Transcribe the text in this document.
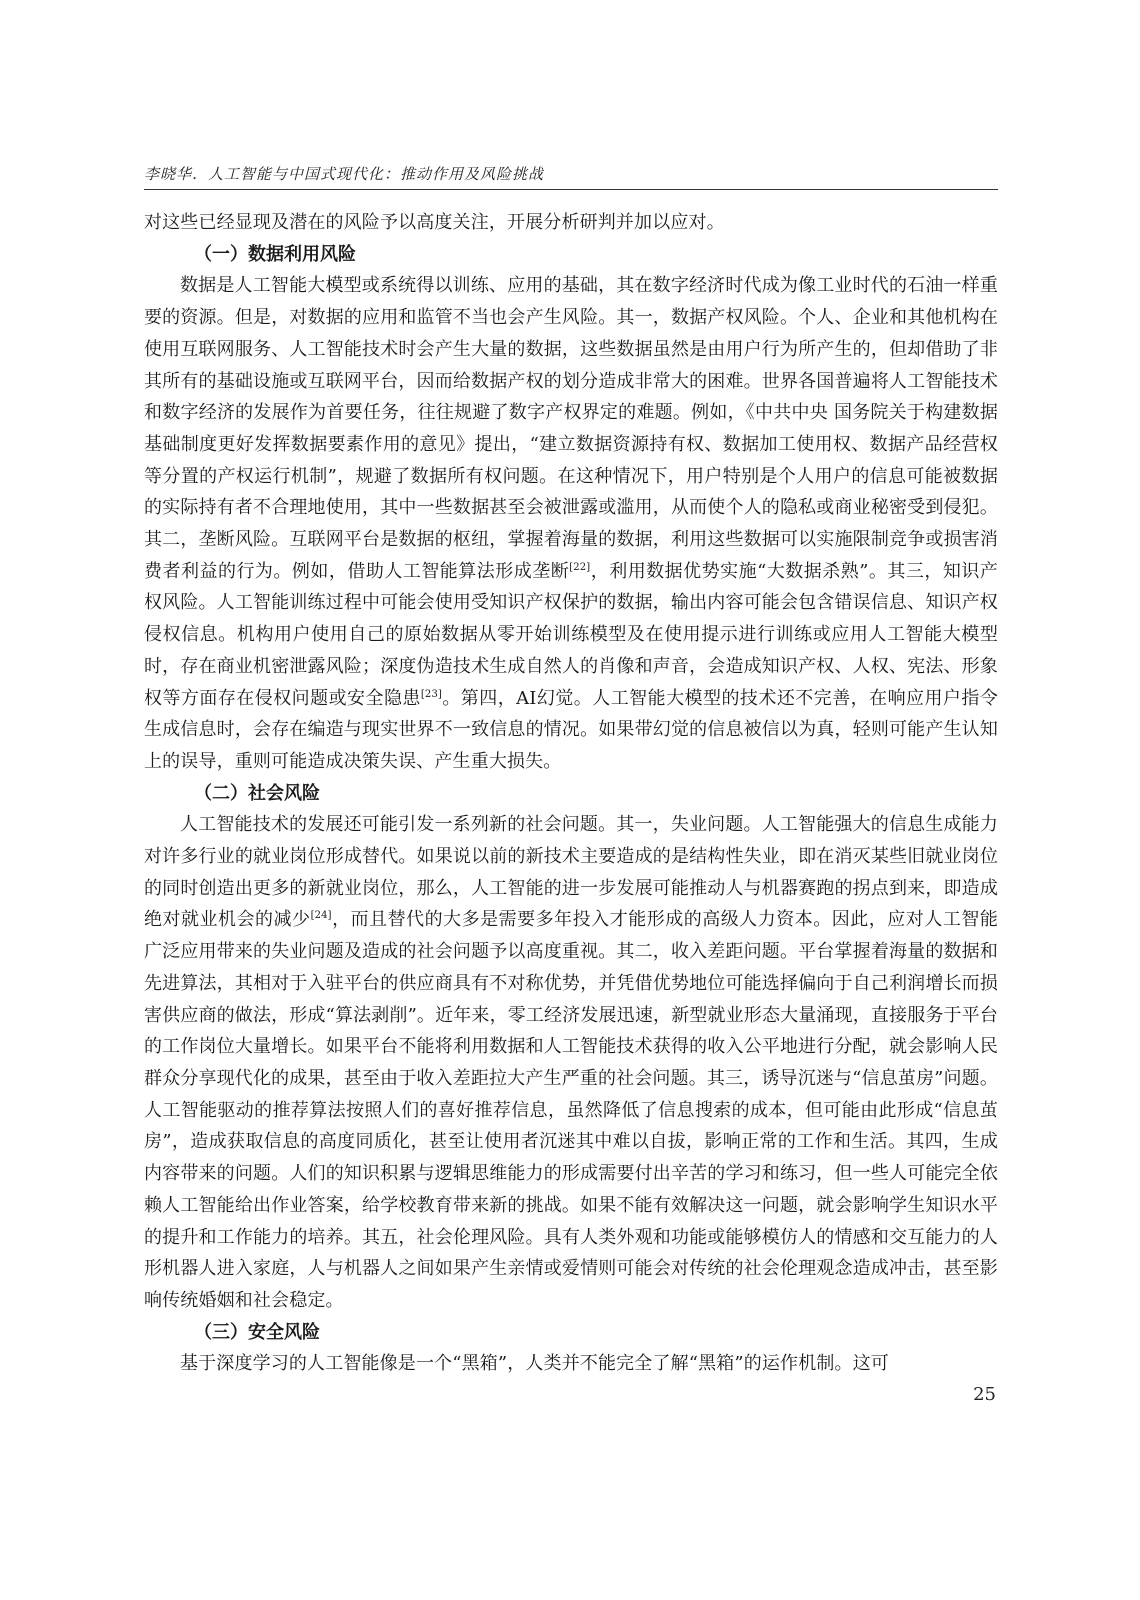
李晓华．人工智能与中国式现代化：推动作用及风险挑战

对这些已经显现及潜在的风险予以高度关注，开展分析研判并加以应对。

（一）数据利用风险

数据是人工智能大模型或系统得以训练、应用的基础，其在数字经济时代成为像工业时代的石油一样重要的资源。但是，对数据的应用和监管不当也会产生风险。其一，数据产权风险。个人、企业和其他机构在使用互联网服务、人工智能技术时会产生大量的数据，这些数据虽然是由用户行为所产生的，但却借助了非其所有的基础设施或互联网平台，因而给数据产权的划分造成非常大的困难。世界各国普遍将人工智能技术和数字经济的发展作为首要任务，往往规避了数字产权界定的难题。例如，《中共中央 国务院关于构建数据基础制度更好发挥数据要素作用的意见》提出，“建立数据资源持有权、数据加工使用权、数据产品经营权等分置的产权运行机制”，规避了数据所有权问题。在这种情况下，用户特别是个人用户的信息可能被数据的实际持有者不合理地使用，其中一些数据甚至会被泄露或滥用，从而使个人的隐私或商业秘密受到侵犯。其二，垄断风险。互联网平台是数据的枢纽，掌握着海量的数据，利用这些数据可以实施限制竞争或损害消费者利益的行为。例如，借助人工智能算法形成垄断[22]，利用数据优势实施“大数据杀熟”。其三，知识产权风险。人工智能训练过程中可能会使用受知识产权保护的数据，输出内容可能会包含错误信息、知识产权侵权信息。机构用户使用自己的原始数据从零开始训练模型及在使用提示进行训练或应用人工智能大模型时，存在商业机密泄露风险；深度伪造技术生成自然人的肖像和声音，会造成知识产权、人权、宪法、形象权等方面存在侵权问题或安全隐患[23]。第四，AI幻觉。人工智能大模型的技术还不完善，在响应用户指令生成信息时，会存在编造与现实世界不一致信息的情况。如果带幻觉的信息被信以为真，轻则可能产生认知上的误导，重则可能造成决策失误、产生重大损失。

（二）社会风险

人工智能技术的发展还可能引发一系列新的社会问题。其一，失业问题。人工智能强大的信息生成能力对许多行业的就业岗位形成替代。如果说以前的新技术主要造成的是结构性失业，即在消灭某些旧就业岗位的同时创造出更多的新就业岗位，那么，人工智能的进一步发展可能推动人与机器赛跑的拐点到来，即造成绝对就业机会的减少[24]，而且替代的大多是需要多年投入才能形成的高级人力资本。因此，应对人工智能广泛应用带来的失业问题及造成的社会问题予以高度重视。其二，收入差距问题。平台掌握着海量的数据和先进算法，其相对于入驻平台的供应商具有不对称优势，并凭借优势地位可能选择偏向于自己利润增长而损害供应商的做法，形成“算法剥削”。近年来，零工经济发展迅速，新型就业形态大量涌现，直接服务于平台的工作岗位大量增长。如果平台不能将利用数据和人工智能技术获得的收入公平地进行分配，就会影响人民群众分享现代化的成果，甚至由于收入差距拉大产生严重的社会问题。其三，诱导沉迷与“信息茧房”问题。人工智能驱动的推荐算法按照人们的喜好推荐信息，虽然降低了信息搜索的成本，但可能由此形成“信息茧房”，造成获取信息的高度同质化，甚至让使用者沉迷其中难以自拔，影响正常的工作和生活。其四，生成内容带来的问题。人们的知识积累与逻辑思维能力的形成需要付出辛苦的学习和练习，但一些人可能完全依赖人工智能给出作业答案，给学校教育带来新的挑战。如果不能有效解决这一问题，就会影响学生知识水平的提升和工作能力的培养。其五，社会伦理风险。具有人类外观和功能或能够模仿人的情感和交互能力的人形机器人进入家庭，人与机器人之间如果产生亲情或爱情则可能会对传统的社会伦理观念造成冲击，甚至影响传统婚姻和社会稳定。

（三）安全风险

基于深度学习的人工智能像是一个“黑箱”，人类并不能完全了解“黑箱”的运作机制。这可

25
